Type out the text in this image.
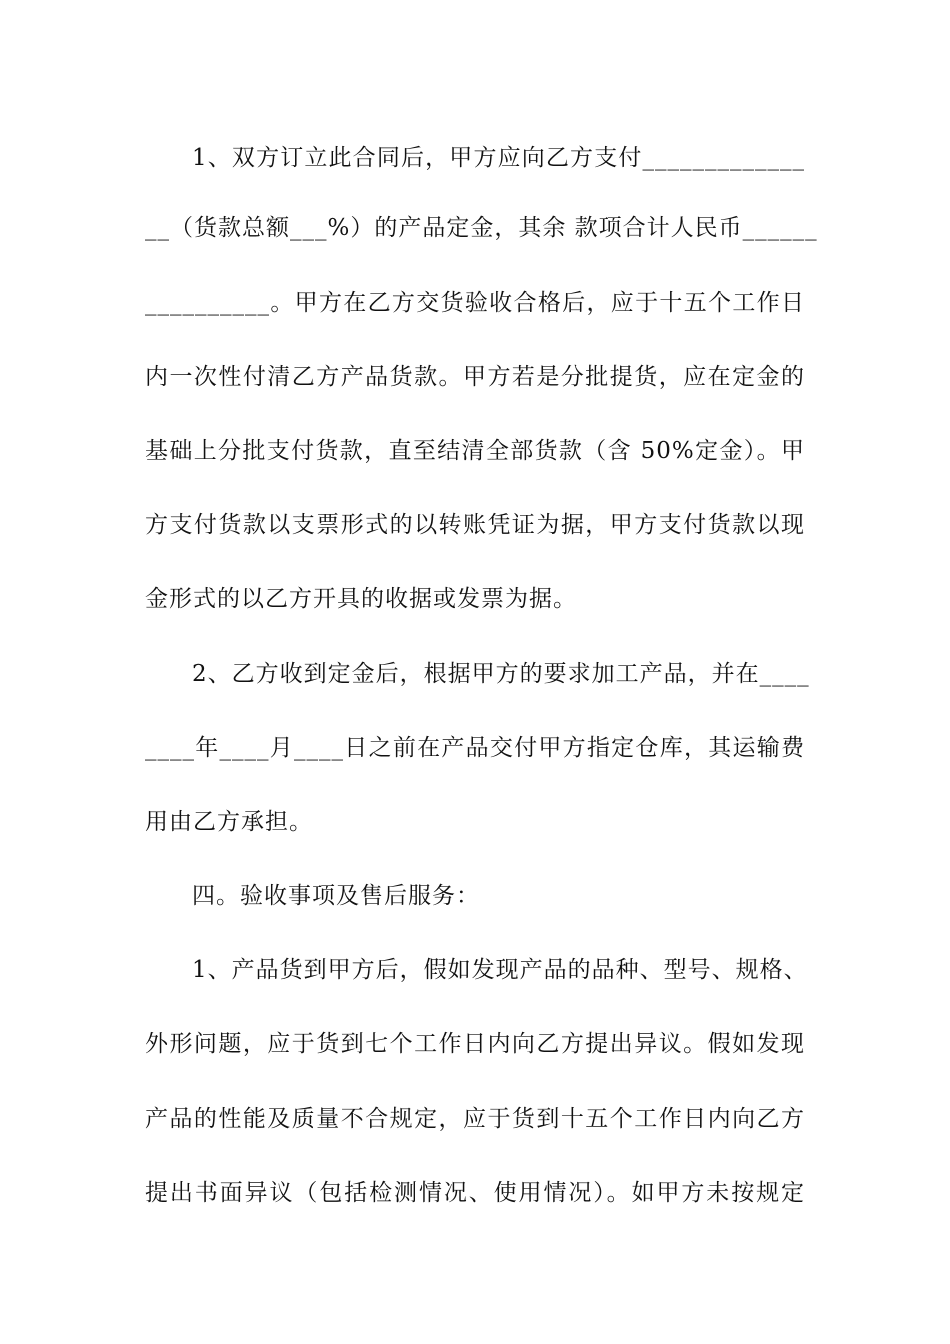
1、双方订立此合同后，甲方应向乙方支付_____________
__（货款总额___%）的产品定金，其余 款项合计人民币______
__________。甲方在乙方交货验收合格后，应于十五个工作日
内一次性付清乙方产品货款。甲方若是分批提货，应在定金的
基础上分批支付货款，直至结清全部货款（含 50%定金）。甲
方支付货款以支票形式的以转账凭证为据，甲方支付货款以现
金形式的以乙方开具的收据或发票为据。
2、乙方收到定金后，根据甲方的要求加工产品，并在____
____年____月____日之前在产品交付甲方指定仓库，其运输费
用由乙方承担。
四。验收事项及售后服务：
1、产品货到甲方后，假如发现产品的品种、型号、规格、
外形问题，应于货到七个工作日内向乙方提出异议。假如发现
产品的性能及质量不合规定，应于货到十五个工作日内向乙方
提出书面异议（包括检测情况、使用情况）。如甲方未按规定
